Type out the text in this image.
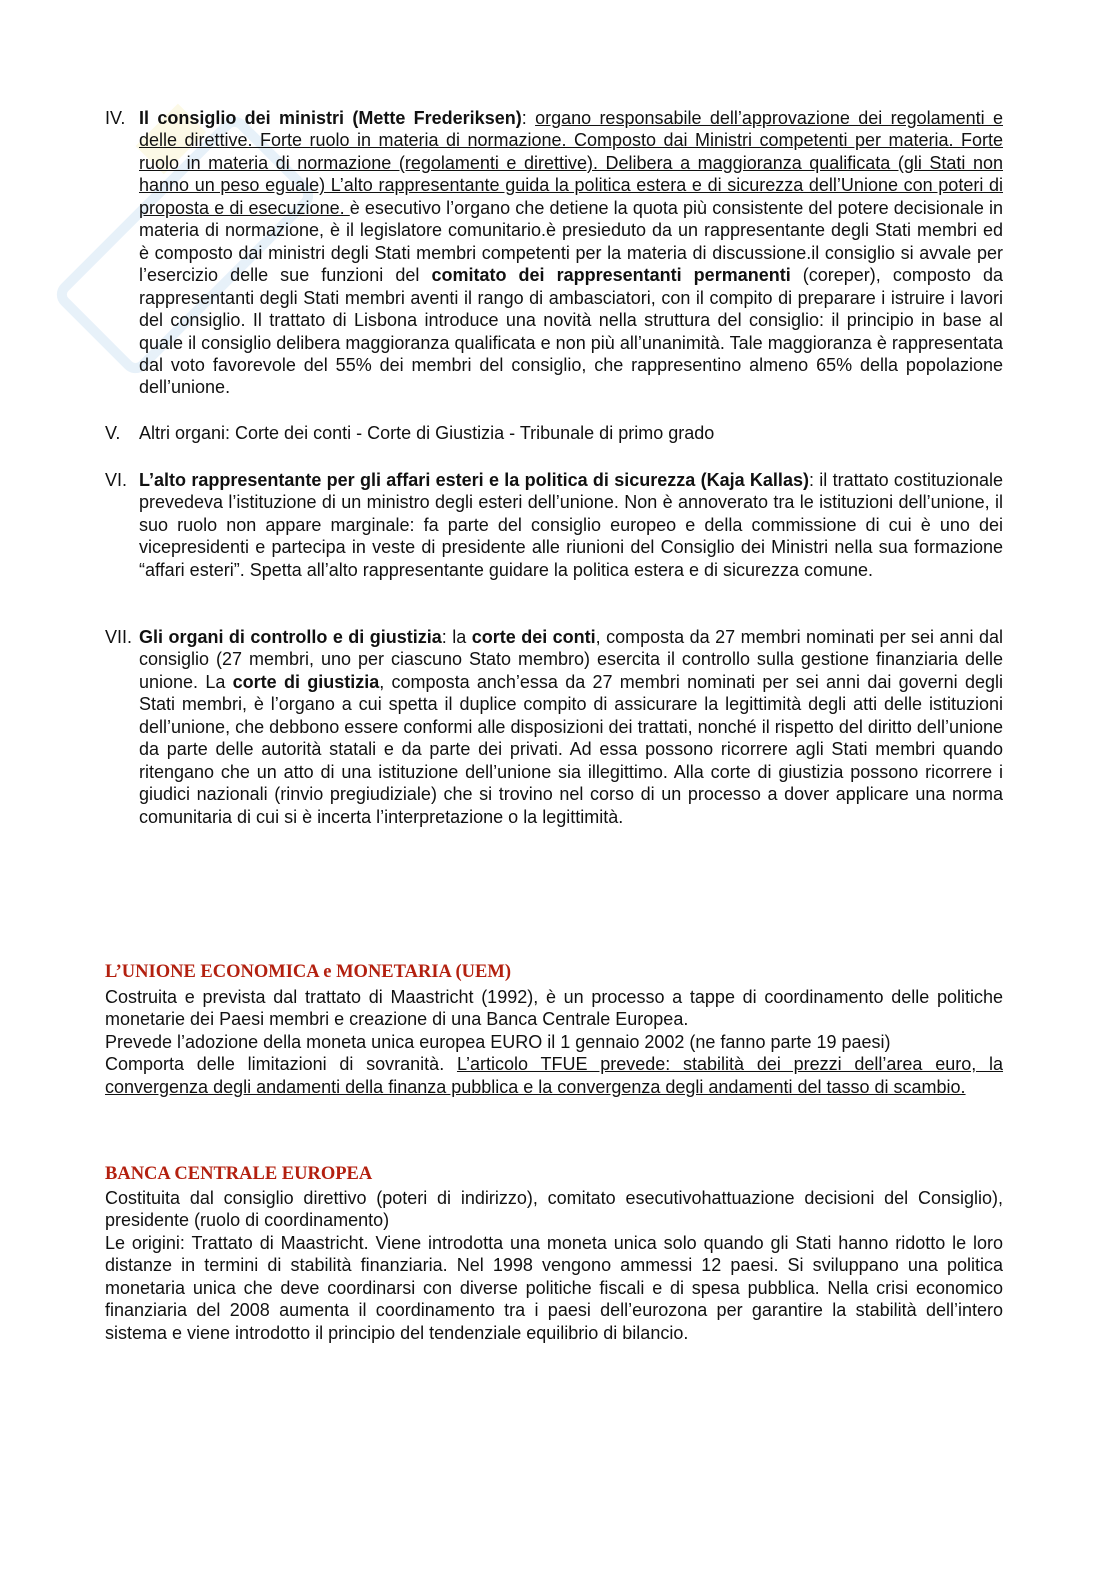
IV. Il consiglio dei ministri (Mette Frederiksen): organo responsabile dell’approvazione dei regolamenti e delle direttive. Forte ruolo in materia di normazione. Composto dai Ministri competenti per materia. Forte ruolo in materia di normazione (regolamenti e direttive). Delibera a maggioranza qualificata (gli Stati non hanno un peso eguale) L’alto rappresentante guida la politica estera e di sicurezza dell’Unione con poteri di proposta e di esecuzione. è esecutivo l’organo che detiene la quota più consistente del potere decisionale in materia di normazione, è il legislatore comunitario.è presieduto da un rappresentante degli Stati membri ed è composto dai ministri degli Stati membri competenti per la materia di discussione.il consiglio si avvale per l’esercizio delle sue funzioni del comitato dei rappresentanti permanenti (coreper), composto da rappresentanti degli Stati membri aventi il rango di ambasciatori, con il compito di preparare i istruire i lavori del consiglio. Il trattato di Lisbona introduce una novità nella struttura del consiglio: il principio in base al quale il consiglio delibera maggioranza qualificata e non più all’unanimità. Tale maggioranza è rappresentata dal voto favorevole del 55% dei membri del consiglio, che rappresentino almeno 65% della popolazione dell’unione.
V. Altri organi: Corte dei conti - Corte di Giustizia - Tribunale di primo grado
VI. L’alto rappresentante per gli affari esteri e la politica di sicurezza (Kaja Kallas): il trattato costituzionale prevedeva l’istituzione di un ministro degli esteri dell’unione. Non è annoverato tra le istituzioni dell’unione, il suo ruolo non appare marginale: fa parte del consiglio europeo e della commissione di cui è uno dei vicepresidenti e partecipa in veste di presidente alle riunioni del Consiglio dei Ministri nella sua formazione “affari esteri”. Spetta all’alto rappresentante guidare la politica estera e di sicurezza comune.
VII. Gli organi di controllo e di giustizia: la corte dei conti, composta da 27 membri nominati per sei anni dal consiglio (27 membri, uno per ciascuno Stato membro) esercita il controllo sulla gestione finanziaria delle unione. La corte di giustizia, composta anch’essa da 27 membri nominati per sei anni dai governi degli Stati membri, è l’organo a cui spetta il duplice compito di assicurare la legittimità degli atti delle istituzioni dell’unione, che debbono essere conformi alle disposizioni dei trattati, nonché il rispetto del diritto dell’unione da parte delle autorità statali e da parte dei privati. Ad essa possono ricorrere agli Stati membri quando ritengano che un atto di una istituzione dell’unione sia illegittimo. Alla corte di giustizia possono ricorrere i giudici nazionali (rinvio pregiudiziale) che si trovino nel corso di un processo a dover applicare una norma comunitaria di cui si è incerta l’interpretazione o la legittimità.
L’UNIONE ECONOMICA e MONETARIA (UEM)
Costruita e prevista dal trattato di Maastricht (1992), è un processo a tappe di coordinamento delle politiche monetarie dei Paesi membri e creazione di una Banca Centrale Europea.
Prevede l’adozione della moneta unica europea EURO il 1 gennaio 2002 (ne fanno parte 19 paesi)
Comporta delle limitazioni di sovranità. L’articolo TFUE prevede: stabilità dei prezzi dell’area euro, la convergenza degli andamenti della finanza pubblica e la convergenza degli andamenti del tasso di scambio.
BANCA CENTRALE EUROPEA
Costituita dal consiglio direttivo (poteri di indirizzo), comitato esecutivohattuazione decisioni del Consiglio), presidente (ruolo di coordinamento)
Le origini: Trattato di Maastricht. Viene introdotta una moneta unica solo quando gli Stati hanno ridotto le loro distanze in termini di stabilità finanziaria. Nel 1998 vengono ammessi 12 paesi. Si sviluppano una politica monetaria unica che deve coordinarsi con diverse politiche fiscali e di spesa pubblica. Nella crisi economico finanziaria del 2008 aumenta il coordinamento tra i paesi dell’eurozona per garantire la stabilità dell’intero sistema e viene introdotto il principio del tendenziale equilibrio di bilancio.
